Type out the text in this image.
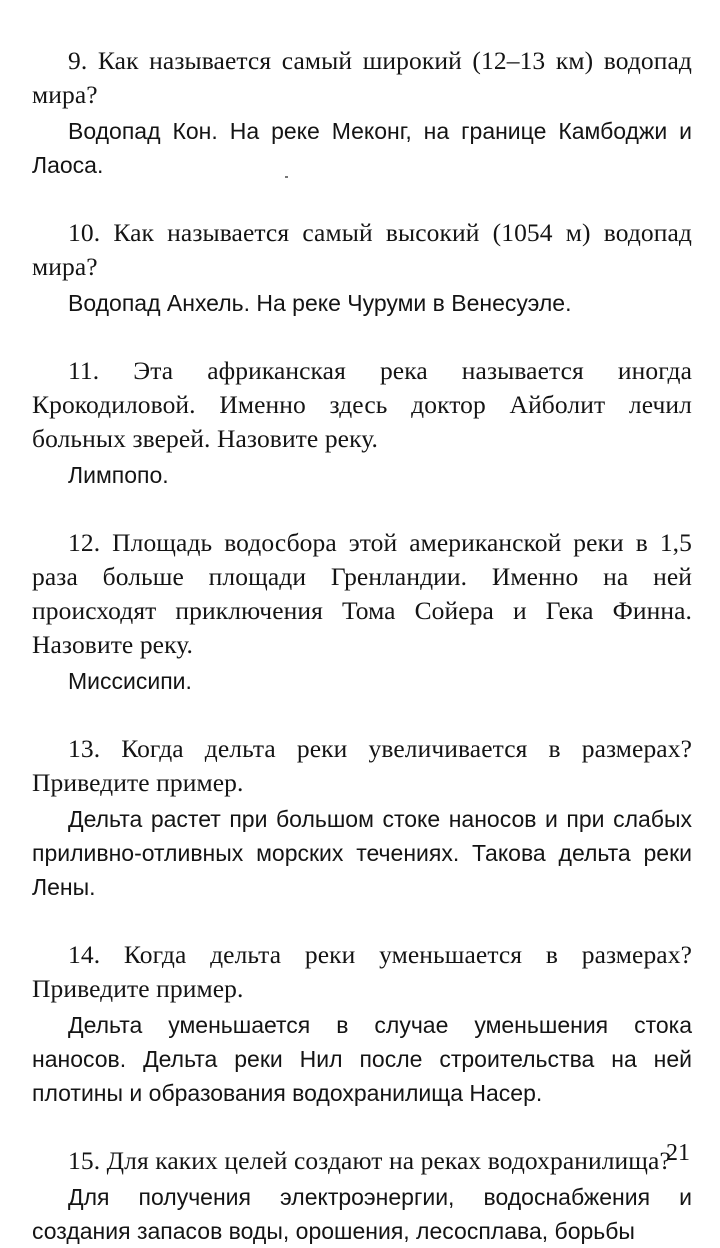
9. Как называется самый широкий (12–13 км) водопад мира?

Водопад Кон. На реке Меконг, на границе Камбоджи и Лаоса.

10. Как называется самый высокий (1054 м) водопад мира?

Водопад Анхель. На реке Чуруми в Венесуэле.

11. Эта африканская река называется иногда Крокодиловой. Именно здесь доктор Айболит лечил больных зверей. Назовите реку.

Лимпопо.

12. Площадь водосбора этой американской реки в 1,5 раза больше площади Гренландии. Именно на ней происходят приключения Тома Сойера и Гека Финна. Назовите реку.

Миссисипи.

13. Когда дельта реки увеличивается в размерах? Приведите пример.

Дельта растет при большом стоке наносов и при слабых приливно-отливных морских течениях. Такова дельта реки Лены.

14. Когда дельта реки уменьшается в размерах? Приведите пример.

Дельта уменьшается в случае уменьшения стока наносов. Дельта реки Нил после строительства на ней плотины и образования водохранилища Насер.

15. Для каких целей создают на реках водохранилища?

Для получения электроэнергии, водоснабжения и создания запасов воды, орошения, лесосплава, борьбы

21
